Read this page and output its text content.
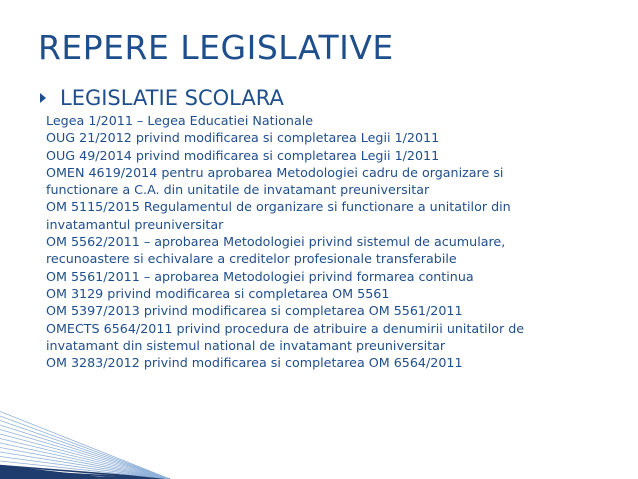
REPERE LEGISLATIVE
LEGISLATIE SCOLARA
Legea 1/2011 – Legea Educatiei Nationale
OUG 21/2012 privind modificarea si completarea Legii 1/2011
OUG 49/2014 privind modificarea si completarea Legii 1/2011
OMEN 4619/2014 pentru aprobarea Metodologiei cadru de organizare si
functionare a C.A. din unitatile de invatamant preuniversitar
OM 5115/2015 Regulamentul de organizare si functionare a unitatilor din
invatamantul preuniversitar
OM 5562/2011 – aprobarea Metodologiei privind sistemul de acumulare,
recunoastere si echivalare a creditelor profesionale transferabile
OM 5561/2011 – aprobarea Metodologiei privind formarea continua
OM 3129 privind modificarea si completarea OM 5561
OM 5397/2013 privind modificarea si completarea OM 5561/2011
OMECTS 6564/2011 privind procedura de atribuire a denumirii unitatilor de
invatamant din sistemul national de invatamant preuniversitar
OM 3283/2012 privind modificarea si completarea OM 6564/2011
